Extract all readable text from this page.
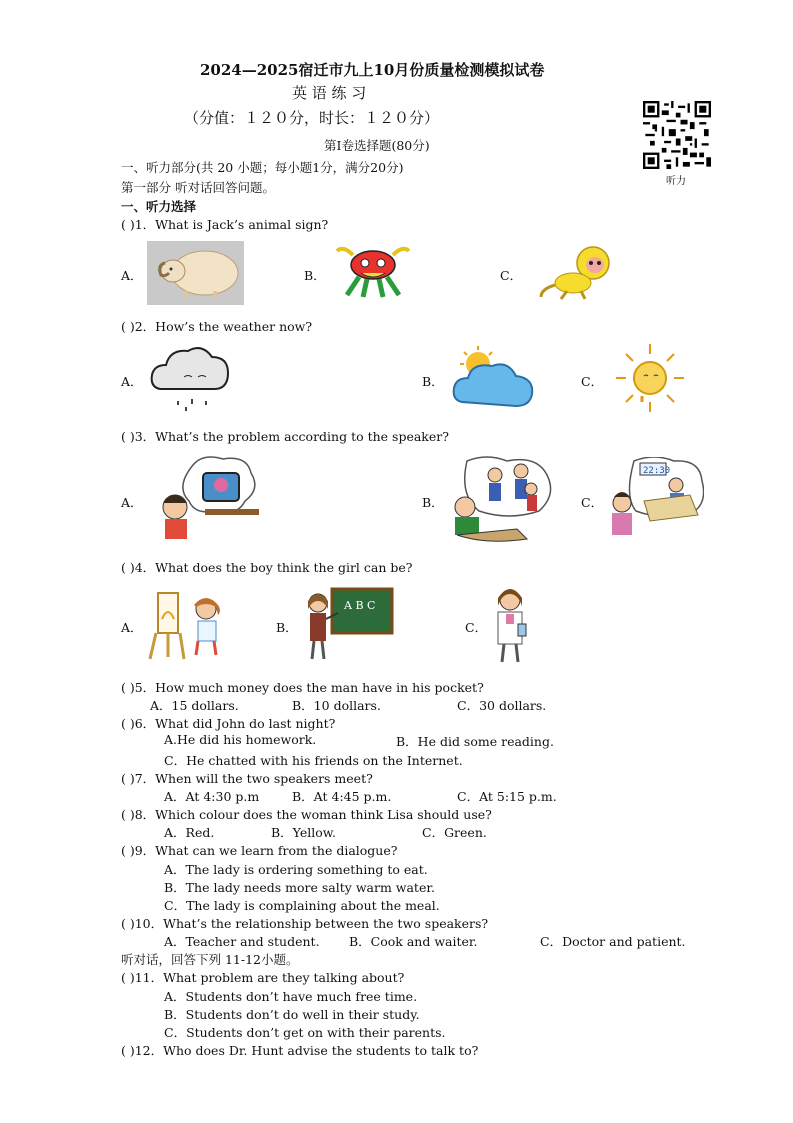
2024—2025宿迁市九上10月份质量检测模拟试卷
英 语 练 习
（分值：１２０分，时长：１２０分）
第Ⅰ卷选择题(80分)
听力
一、听力部分(共 20 小题；每小题1分，满分20分)
第一部分 听对话回答问题。
一、听力选择
( )1．What is Jack’s animal sign?
A．	B．	C．
( )2．How’s the weather now?
A．	B．	C．
( )3．What’s the problem according to the speaker?
A．	B．	C．
22:30
( )4．What does the boy think the girl can be?
A．	B．
A B C
C．
( )5．How much money does the man have in his pocket?
A．15 dollars.	B．10 dollars.	C．30 dollars.
( )6．What did John do last night?
A.He did his homework.	B．He did some reading.
C．He chatted with his friends on the Internet.
( )7．When will the two speakers meet?
A．At 4:30 p.m	B．At 4:45 p.m.	C．At 5:15 p.m.
( )8．Which colour does the woman think Lisa should use?
A．Red.	B．Yellow.	C．Green.
( )9．What can we learn from the dialogue?
A．The lady is ordering something to eat.
B．The lady needs more salty warm water.
C．The lady is complaining about the meal.
( )10．What’s the relationship between the two speakers?
A．Teacher and student. B．Cook and waiter.	C．Doctor and patient.
听对话，回答下列 11-12小题。
( )11．What problem are they talking about?
A．Students don’t have much free time.
B．Students don’t do well in their study.
C．Students don’t get on with their parents.
( )12．Who does Dr. Hunt advise the students to talk to?
